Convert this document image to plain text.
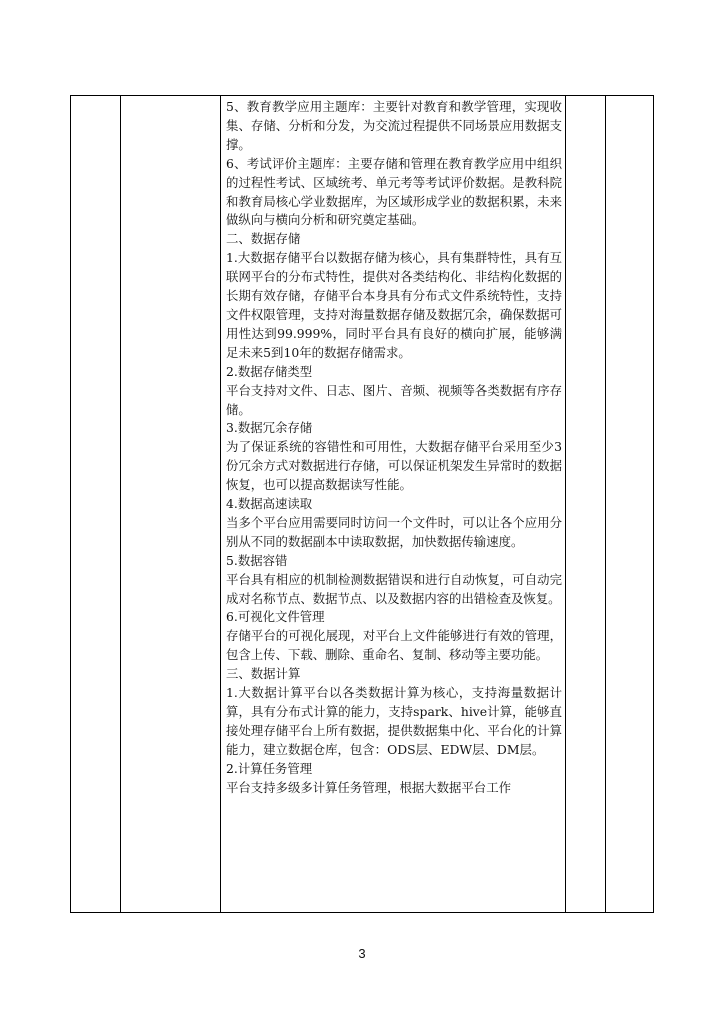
5、教育教学应用主题库：主要针对教育和教学管理，实现收集、存储、分析和分发，为交流过程提供不同场景应用数据支撑。

6、考试评价主题库：主要存储和管理在教育教学应用中组织的过程性考试、区域统考、单元考等考试评价数据。是教科院和教育局核心学业数据库，为区域形成学业的数据积累，未来做纵向与横向分析和研究奠定基础。

二、数据存储

1.大数据存储平台以数据存储为核心，具有集群特性，具有互联网平台的分布式特性，提供对各类结构化、非结构化数据的长期有效存储，存储平台本身具有分布式文件系统特性，支持文件权限管理，支持对海量数据存储及数据冗余，确保数据可用性达到99.999%，同时平台具有良好的横向扩展，能够满足未来5到10年的数据存储需求。

2.数据存储类型

平台支持对文件、日志、图片、音频、视频等各类数据有序存储。

3.数据冗余存储

为了保证系统的容错性和可用性，大数据存储平台采用至少3份冗余方式对数据进行存储，可以保证机架发生异常时的数据恢复，也可以提高数据读写性能。

4.数据高速读取

当多个平台应用需要同时访问一个文件时，可以让各个应用分别从不同的数据副本中读取数据，加快数据传输速度。

5.数据容错

平台具有相应的机制检测数据错误和进行自动恢复，可自动完成对名称节点、数据节点、以及数据内容的出错检查及恢复。

6.可视化文件管理

存储平台的可视化展现，对平台上文件能够进行有效的管理，包含上传、下载、删除、重命名、复制、移动等主要功能。

三、数据计算

1.大数据计算平台以各类数据计算为核心，支持海量数据计算，具有分布式计算的能力，支持spark、hive计算，能够直接处理存储平台上所有数据，提供数据集中化、平台化的计算能力，建立数据仓库，包含：ODS层、EDW层、DM层。

2.计算任务管理

平台支持多级多计算任务管理，根据大数据平台工作

3
